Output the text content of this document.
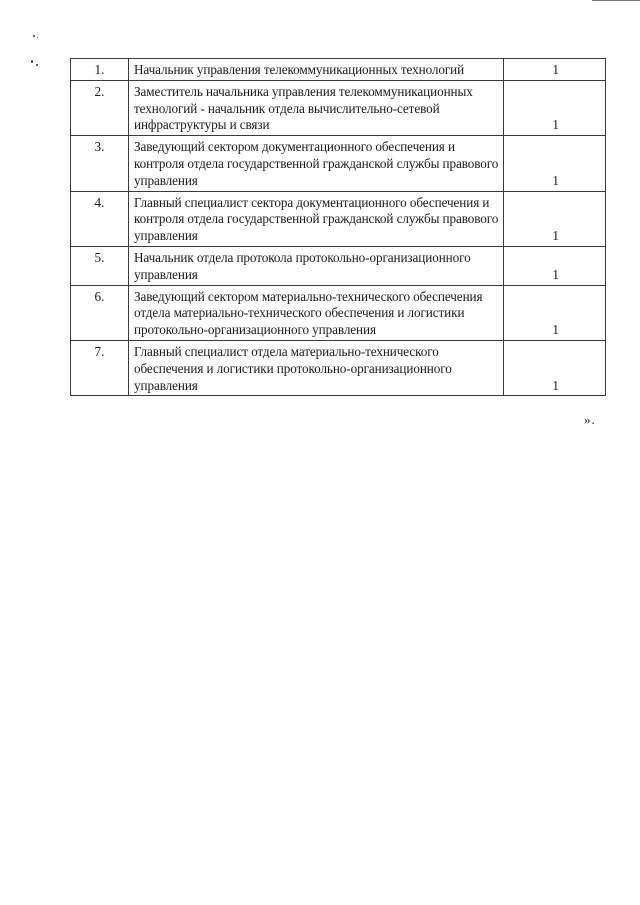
1.	Начальник управления телекоммуникационных технологий	1
2.	Заместитель начальника управления телекоммуникационных технологий - начальник отдела вычислительно-сетевой инфраструктуры и связи	1
3.	Заведующий сектором документационного обеспечения и контроля отдела государственной гражданской службы правового управления	1
4.	Главный специалист сектора документационного обеспечения и контроля отдела государственной гражданской службы правового управления	1
5.	Начальник отдела протокола протокольно-организационного управления	1
6.	Заведующий сектором материально-технического обеспечения отдела материально-технического обеспечения и логистики протокольно-организационного управления	1
7.	Главный специалист отдела материально-технического обеспечения и логистики протокольно-организационного управления	1
».
